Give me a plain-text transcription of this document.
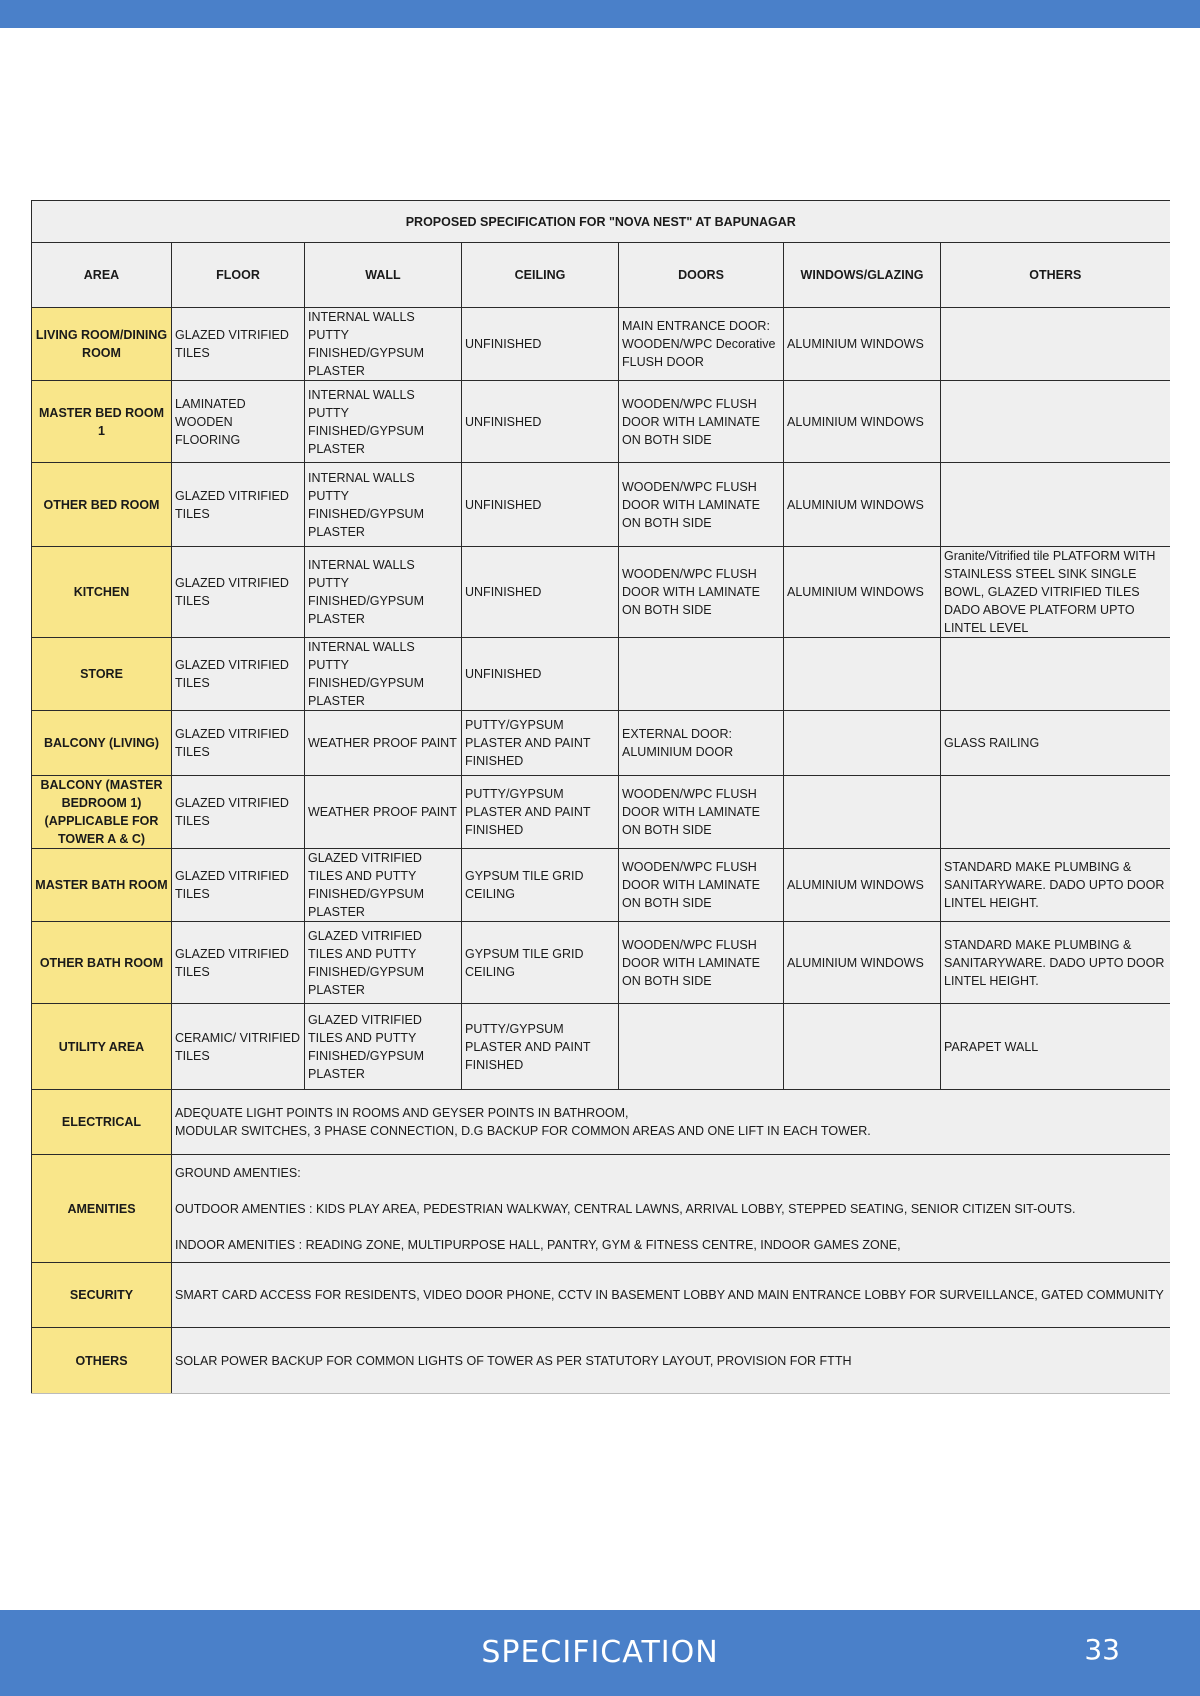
PROPOSED SPECIFICATION FOR "NOVA NEST" AT BAPUNAGAR						
AREA	FLOOR	WALL	CEILING	DOORS	WINDOWS/GLAZING	OTHERS
LIVING ROOM/DINING ROOM	GLAZED VITRIFIED TILES	INTERNAL WALLS PUTTY FINISHED/GYPSUM PLASTER	UNFINISHED	MAIN ENTRANCE DOOR: WOODEN/WPC Decorative FLUSH DOOR	ALUMINIUM WINDOWS	
MASTER BED ROOM 1	LAMINATED WOODEN FLOORING	INTERNAL WALLS PUTTY FINISHED/GYPSUM PLASTER	UNFINISHED	WOODEN/WPC FLUSH DOOR WITH LAMINATE ON BOTH SIDE	ALUMINIUM WINDOWS	
OTHER BED ROOM	GLAZED VITRIFIED TILES	INTERNAL WALLS PUTTY FINISHED/GYPSUM PLASTER	UNFINISHED	WOODEN/WPC FLUSH DOOR WITH LAMINATE ON BOTH SIDE	ALUMINIUM WINDOWS	
KITCHEN	GLAZED VITRIFIED TILES	INTERNAL WALLS PUTTY FINISHED/GYPSUM PLASTER	UNFINISHED	WOODEN/WPC FLUSH DOOR WITH LAMINATE ON BOTH SIDE	ALUMINIUM WINDOWS	Granite/Vitrified tile PLATFORM WITH STAINLESS STEEL SINK SINGLE BOWL, GLAZED VITRIFIED TILES DADO ABOVE PLATFORM UPTO LINTEL LEVEL
STORE	GLAZED VITRIFIED TILES	INTERNAL WALLS PUTTY FINISHED/GYPSUM PLASTER	UNFINISHED			
BALCONY (LIVING)	GLAZED VITRIFIED TILES	WEATHER PROOF PAINT	PUTTY/GYPSUM PLASTER AND PAINT FINISHED	EXTERNAL DOOR: ALUMINIUM DOOR		GLASS RAILING
BALCONY (MASTER BEDROOM 1) (APPLICABLE FOR TOWER A & C)	GLAZED VITRIFIED TILES	WEATHER PROOF PAINT	PUTTY/GYPSUM PLASTER AND PAINT FINISHED	WOODEN/WPC FLUSH DOOR WITH LAMINATE ON BOTH SIDE		
MASTER BATH ROOM	GLAZED VITRIFIED TILES	GLAZED VITRIFIED TILES AND PUTTY FINISHED/GYPSUM PLASTER	GYPSUM TILE GRID CEILING	WOODEN/WPC FLUSH DOOR WITH LAMINATE ON BOTH SIDE	ALUMINIUM WINDOWS	STANDARD MAKE PLUMBING & SANITARYWARE. DADO UPTO DOOR LINTEL HEIGHT.
OTHER BATH ROOM	GLAZED VITRIFIED TILES	GLAZED VITRIFIED TILES AND PUTTY FINISHED/GYPSUM PLASTER	GYPSUM TILE GRID CEILING	WOODEN/WPC FLUSH DOOR WITH LAMINATE ON BOTH SIDE	ALUMINIUM WINDOWS	STANDARD MAKE PLUMBING & SANITARYWARE. DADO UPTO DOOR LINTEL HEIGHT.
UTILITY AREA	CERAMIC/ VITRIFIED TILES	GLAZED VITRIFIED TILES AND PUTTY FINISHED/GYPSUM PLASTER	PUTTY/GYPSUM PLASTER AND PAINT FINISHED			PARAPET WALL
ELECTRICAL	ADEQUATE LIGHT POINTS IN ROOMS AND GEYSER POINTS IN BATHROOM,
MODULAR SWITCHES, 3 PHASE CONNECTION, D.G BACKUP FOR COMMON AREAS AND ONE LIFT IN EACH TOWER.					

AMENITIES	GROUND AMENTIES:
OUTDOOR AMENTIES : KIDS PLAY AREA, PEDESTRIAN WALKWAY, CENTRAL LAWNS, ARRIVAL LOBBY, STEPPED SEATING, SENIOR CITIZEN SIT-OUTS.
INDOOR AMENITIES : READING ZONE, MULTIPURPOSE HALL, PANTRY, GYM & FITNESS CENTRE, INDOOR GAMES ZONE,					

SECURITY	SMART CARD ACCESS FOR RESIDENTS, VIDEO DOOR PHONE, CCTV IN BASEMENT LOBBY AND MAIN ENTRANCE LOBBY FOR SURVEILLANCE, GATED COMMUNITY					
OTHERS	SOLAR POWER BACKUP FOR COMMON LIGHTS OF TOWER AS PER STATUTORY LAYOUT, PROVISION FOR FTTH					
SPECIFICATION	33
